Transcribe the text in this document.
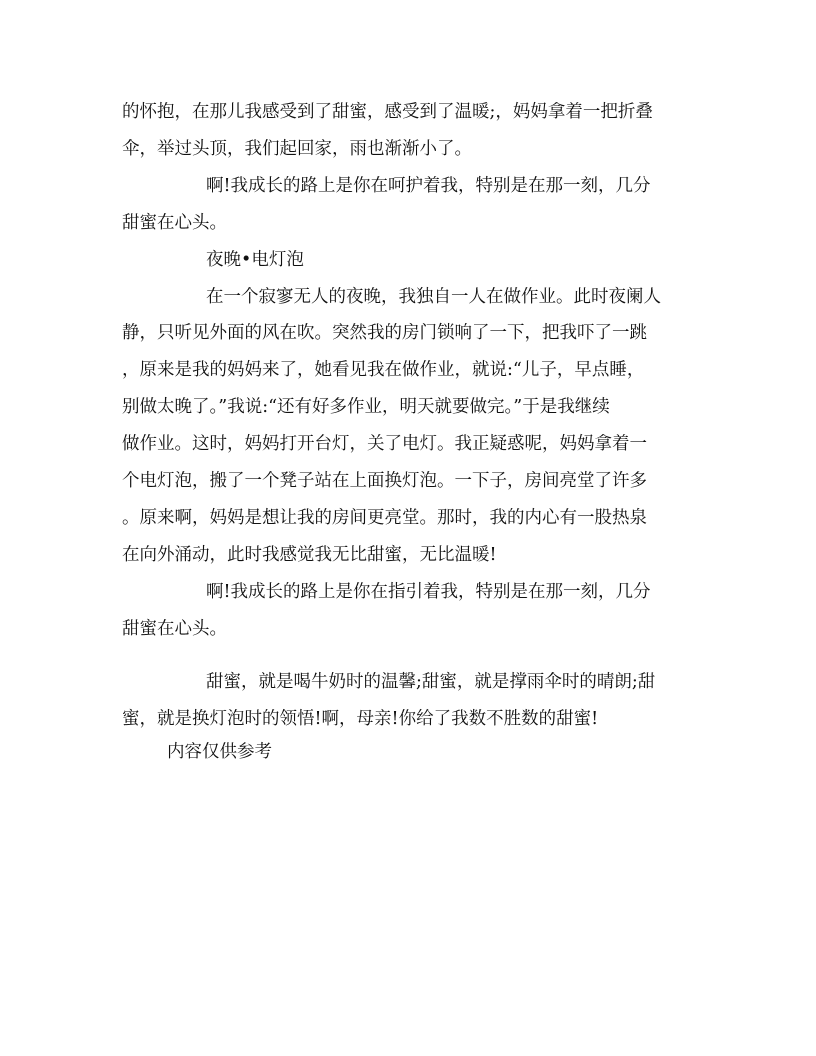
的怀抱，在那儿我感受到了甜蜜，感受到了温暖;，妈妈拿着一把折叠
伞，举过头顶，我们起回家，雨也渐渐小了。
啊!我成长的路上是你在呵护着我，特别是在那一刻，几分
甜蜜在心头。
夜晚•电灯泡
在一个寂寥无人的夜晚，我独自一人在做作业。此时夜阑人
静，只听见外面的风在吹。突然我的房门锁响了一下，把我吓了一跳
，原来是我的妈妈来了，她看见我在做作业，就说:“儿子，早点睡，
别做太晚了。”我说:“还有好多作业，明天就要做完。”于是我继续
做作业。这时，妈妈打开台灯，关了电灯。我正疑惑呢，妈妈拿着一
个电灯泡，搬了一个凳子站在上面换灯泡。一下子，房间亮堂了许多
。原来啊，妈妈是想让我的房间更亮堂。那时，我的内心有一股热泉
在向外涌动，此时我感觉我无比甜蜜，无比温暖!
啊!我成长的路上是你在指引着我，特别是在那一刻，几分
甜蜜在心头。
甜蜜，就是喝牛奶时的温馨;甜蜜，就是撑雨伞时的晴朗;甜
蜜，就是换灯泡时的领悟!啊，母亲!你给了我数不胜数的甜蜜!
内容仅供参考
